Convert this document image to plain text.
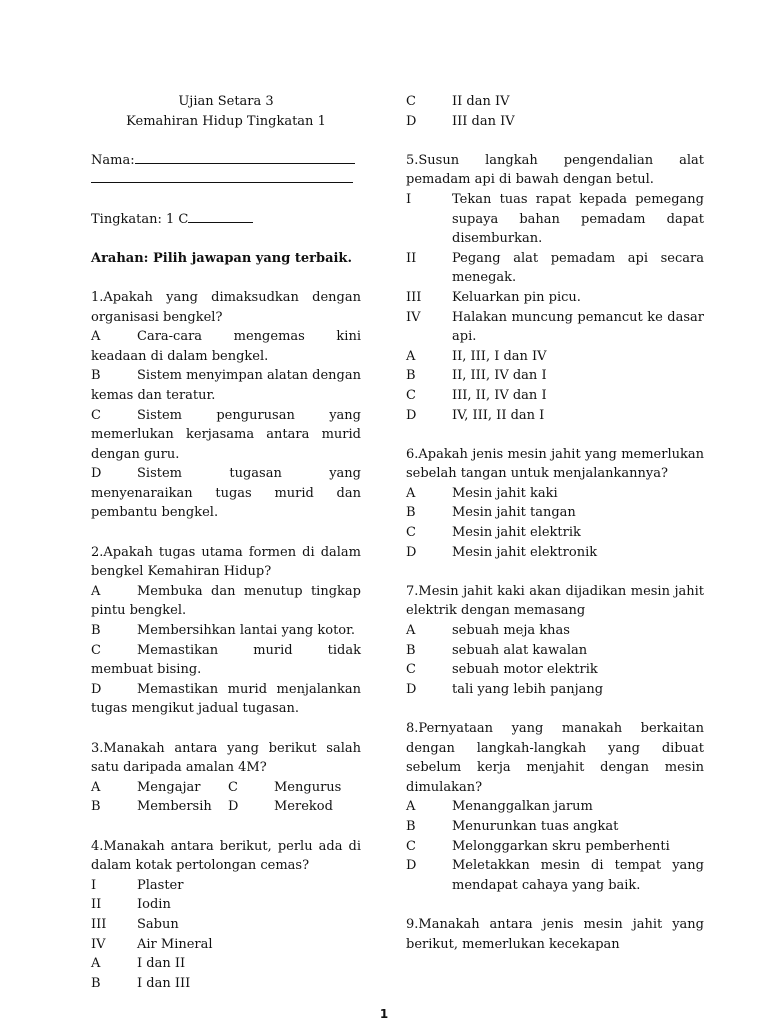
Ujian Setara 3
Kemahiran Hidup Tingkatan 1
Nama:
Tingkatan: 1 C
Arahan: Pilih jawapan yang terbaik.
1.Apakah yang dimaksudkan dengan organisasi bengkel?
A	Cara-cara mengemas kini keadaan di dalam bengkel.
B	Sistem menyimpan alatan dengan kemas dan teratur.
C	Sistem pengurusan yang memerlukan kerjasama antara murid dengan guru.
D	Sistem tugasan yang menyenaraikan tugas murid dan pembantu bengkel.
2.Apakah tugas utama formen di dalam bengkel Kemahiran Hidup?
A	Membuka dan menutup tingkap pintu bengkel.
B	Membersihkan lantai yang kotor.
C	Memastikan murid tidak membuat bising.
D	Memastikan murid menjalankan tugas mengikut jadual tugasan.
3.Manakah antara yang berikut salah satu daripada amalan 4M?
A	Mengajar	C	Mengurus
B	Membersih	D	Merekod
4.Manakah antara berikut, perlu ada di dalam kotak pertolongan cemas?
I	Plaster
II	Iodin
III	Sabun
IV	Air Mineral
A	I dan II
B	I dan III
C	II dan IV
D	III dan IV
5.Susun langkah pengendalian alat pemadam api di bawah dengan betul.
I	Tekan tuas rapat kepada pemegang supaya bahan pemadam dapat disemburkan.
II	Pegang alat pemadam api secara menegak.
III	Keluarkan pin picu.
IV	Halakan muncung pemancut ke dasar api.
A	II, III, I dan IV
B	II, III, IV dan I
C	III, II, IV dan I
D	IV, III, II dan I
6.Apakah jenis mesin jahit yang memerlukan sebelah tangan untuk menjalankannya?
A	Mesin jahit kaki
B	Mesin jahit tangan
C	Mesin jahit elektrik
D	Mesin jahit elektronik
7.Mesin jahit kaki akan dijadikan mesin jahit elektrik dengan memasang
A	sebuah meja khas
B	sebuah alat kawalan
C	sebuah motor elektrik
D	tali yang lebih panjang
8.Pernyataan yang manakah berkaitan dengan langkah-langkah yang dibuat sebelum kerja menjahit dengan mesin dimulakan?
A	Menanggalkan jarum
B	Menurunkan tuas angkat
C	Melonggarkan skru pemberhenti
D	Meletakkan mesin di tempat yang mendapat cahaya yang baik.
9.Manakah antara jenis mesin jahit yang berikut, memerlukan kecekapan
1
